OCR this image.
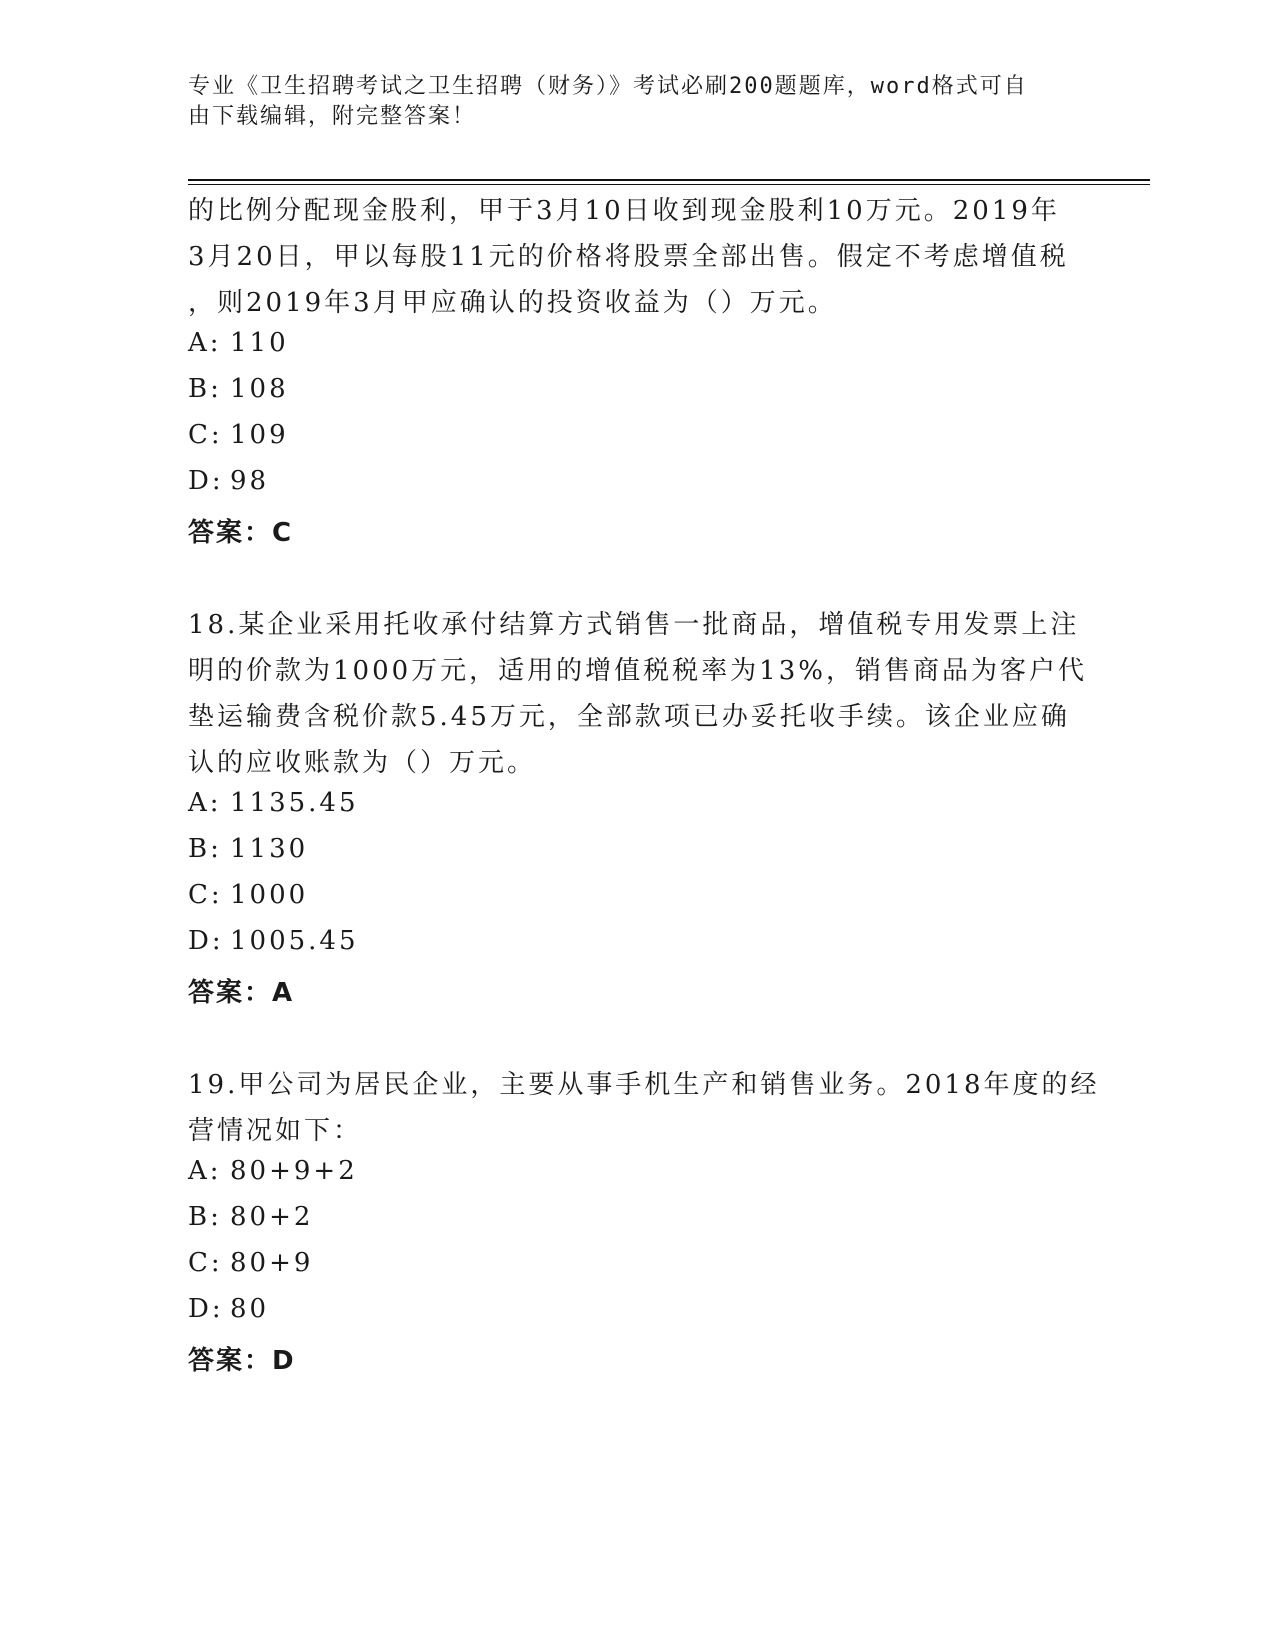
专业《卫生招聘考试之卫生招聘（财务）》考试必刷200题题库，word格式可自
由下载编辑，附完整答案！
的比例分配现金股利，甲于3月10日收到现金股利10万元。2019年
3月20日，甲以每股11元的价格将股票全部出售。假定不考虑增值税
，则2019年3月甲应确认的投资收益为（）万元。
A: 110
B: 108
C: 109
D: 98
答案：C
18.某企业采用托收承付结算方式销售一批商品，增值税专用发票上注
明的价款为1000万元，适用的增值税税率为13%，销售商品为客户代
垫运输费含税价款5.45万元，全部款项已办妥托收手续。该企业应确
认的应收账款为（）万元。
A: 1135.45
B: 1130
C: 1000
D: 1005.45
答案：A
19.甲公司为居民企业，主要从事手机生产和销售业务。2018年度的经
营情况如下：
A: 80+9+2
B: 80+2
C: 80+9
D: 80
答案：D
